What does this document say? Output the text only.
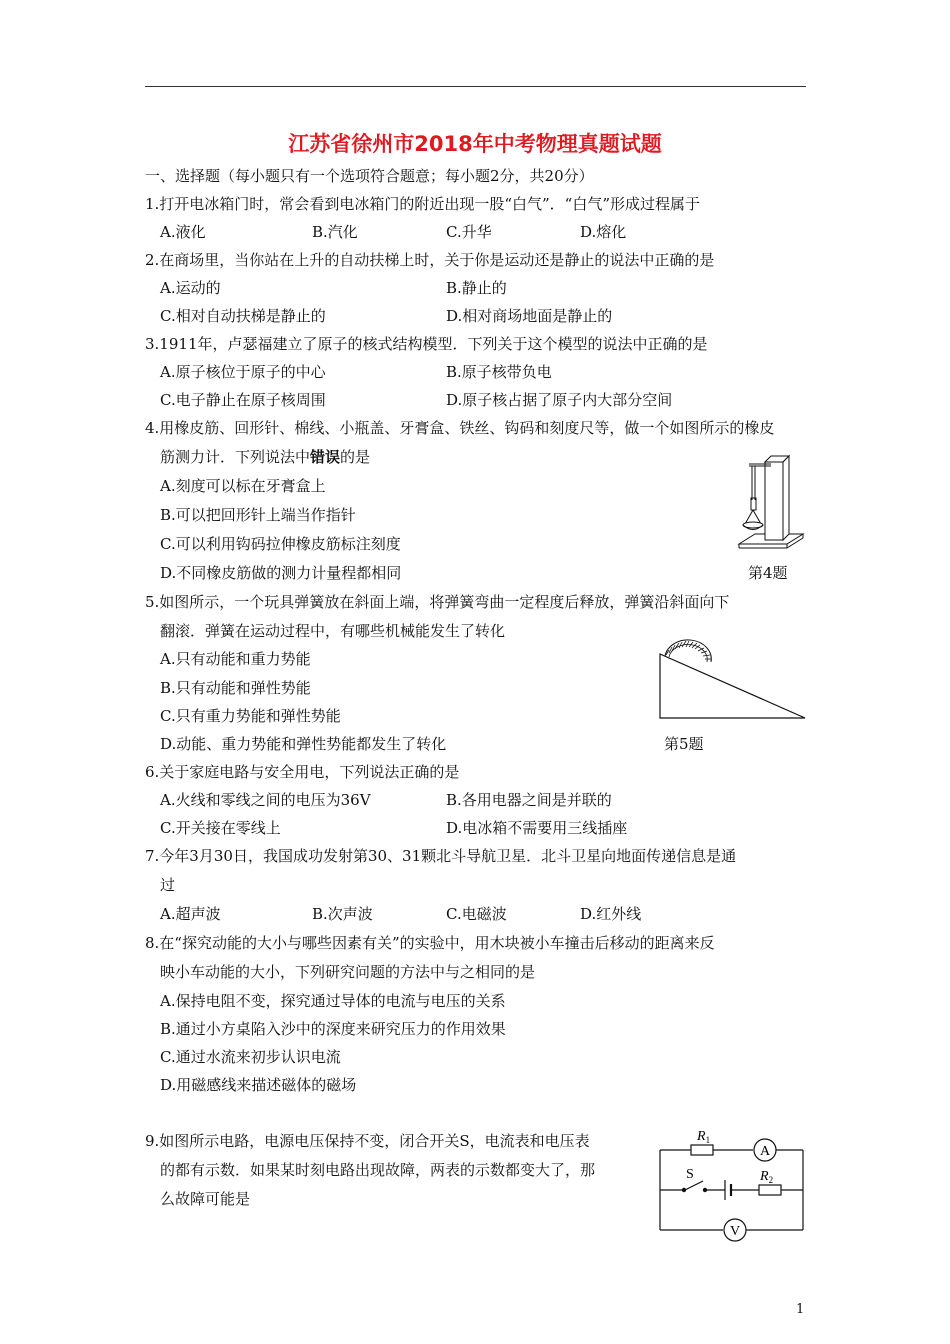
江苏省徐州市2018年中考物理真题试题
一、选择题（每小题只有一个选项符合题意；每小题2分，共20分）
1.打开电冰箱门时，常会看到电冰箱门的附近出现一股“白气”．“白气”形成过程属于
A.液化	B.汽化	C.升华	D.熔化
2.在商场里，当你站在上升的自动扶梯上时，关于你是运动还是静止的说法中正确的是
A.运动的	B.静止的
C.相对自动扶梯是静止的	D.相对商场地面是静止的
3.1911年，卢瑟福建立了原子的核式结构模型．下列关于这个模型的说法中正确的是
A.原子核位于原子的中心	B.原子核带负电
C.电子静止在原子核周围	D.原子核占据了原子内大部分空间
4.用橡皮筋、回形针、棉线、小瓶盖、牙膏盒、铁丝、钩码和刻度尺等，做一个如图所示的橡皮
筋测力计．下列说法中错误的是
A.刻度可以标在牙膏盒上
B.可以把回形针上端当作指针
C.可以利用钩码拉伸橡皮筋标注刻度
D.不同橡皮筋做的测力计量程都相同	第4题
5.如图所示，一个玩具弹簧放在斜面上端，将弹簧弯曲一定程度后释放，弹簧沿斜面向下
翻滚．弹簧在运动过程中，有哪些机械能发生了转化
A.只有动能和重力势能
B.只有动能和弹性势能
C.只有重力势能和弹性势能
D.动能、重力势能和弹性势能都发生了转化	第5题
6.关于家庭电路与安全用电，下列说法正确的是
A.火线和零线之间的电压为36V	B.各用电器之间是并联的
C.开关接在零线上	D.电冰箱不需要用三线插座
7.今年3月30日，我国成功发射第30、31颗北斗导航卫星．北斗卫星向地面传递信息是通
过
A.超声波	B.次声波	C.电磁波	D.红外线
8.在“探究动能的大小与哪些因素有关”的实验中，用木块被小车撞击后移动的距离来反
映小车动能的大小，下列研究问题的方法中与之相同的是
A.保持电阻不变，探究通过导体的电流与电压的关系
B.通过小方桌陷入沙中的深度来研究压力的作用效果
C.通过水流来初步认识电流
D.用磁感线来描述磁体的磁场
9.如图所示电路，电源电压保持不变，闭合开关S，电流表和电压表
的都有示数．如果某时刻电路出现故障，两表的示数都变大了，那
么故障可能是
$R_1$
$R_2$
S
A
V
1
